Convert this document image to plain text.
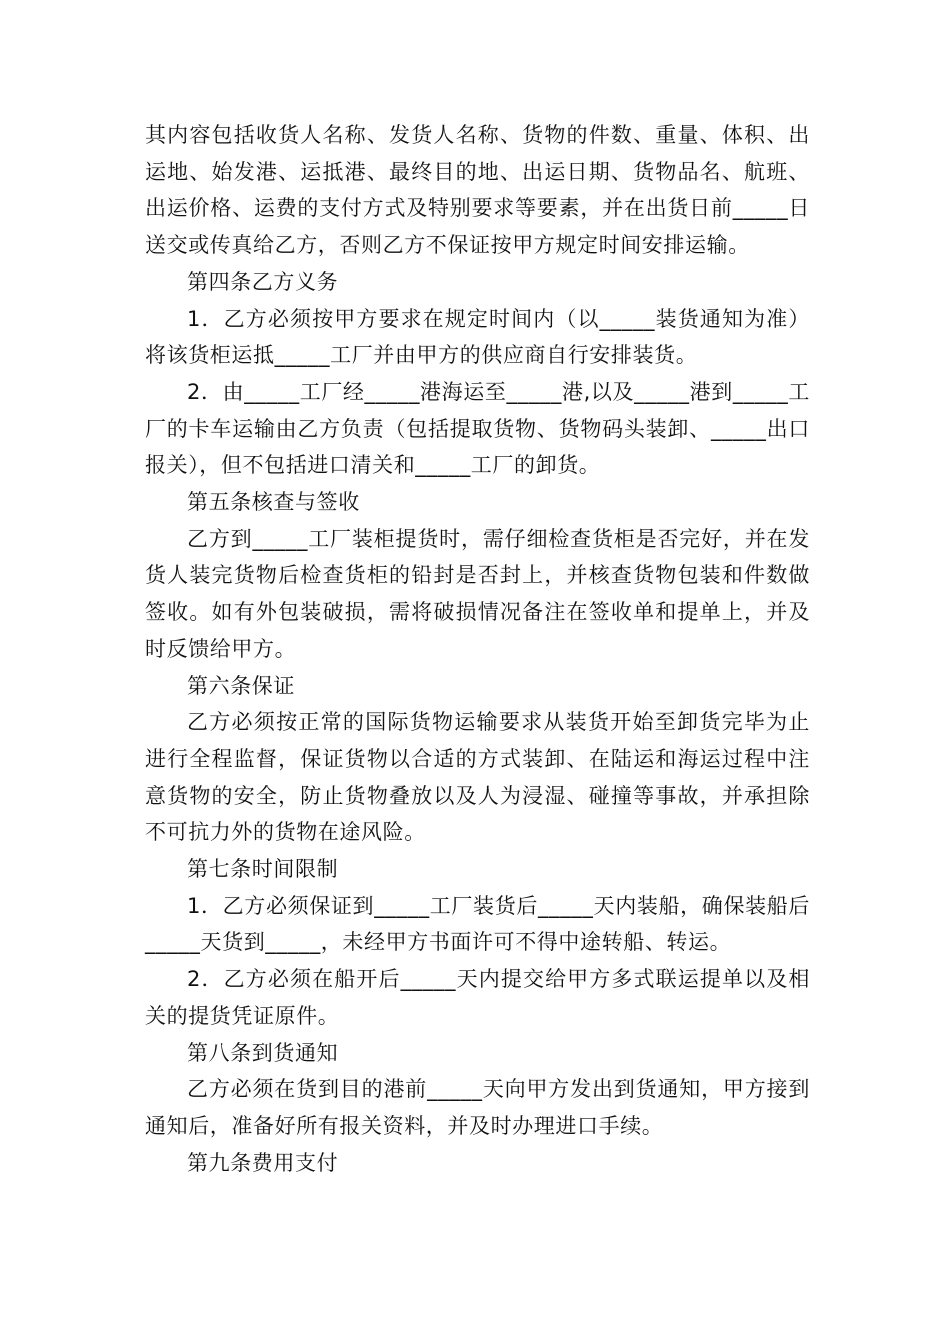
其内容包括收货人名称、发货人名称、货物的件数、重量、体积、出运地、始发港、运抵港、最终目的地、出运日期、货物品名、航班、出运价格、运费的支付方式及特别要求等要素，并在出货日前_____日送交或传真给乙方，否则乙方不保证按甲方规定时间安排运输。

第四条乙方义务

1．乙方必须按甲方要求在规定时间内（以_____装货通知为准）将该货柜运抵_____工厂并由甲方的供应商自行安排装货。

2．由_____工厂经_____港海运至_____港,以及_____港到_____工厂的卡车运输由乙方负责（包括提取货物、货物码头装卸、_____出口报关），但不包括进口清关和_____工厂的卸货。

第五条核查与签收

乙方到_____工厂装柜提货时，需仔细检查货柜是否完好，并在发货人装完货物后检查货柜的铅封是否封上，并核查货物包装和件数做签收。如有外包装破损，需将破损情况备注在签收单和提单上，并及时反馈给甲方。

第六条保证

乙方必须按正常的国际货物运输要求从装货开始至卸货完毕为止进行全程监督，保证货物以合适的方式装卸、在陆运和海运过程中注意货物的安全，防止货物叠放以及人为浸湿、碰撞等事故，并承担除不可抗力外的货物在途风险。

第七条时间限制

1．乙方必须保证到_____工厂装货后_____天内装船，确保装船后_____天货到_____，未经甲方书面许可不得中途转船、转运。

2．乙方必须在船开后_____天内提交给甲方多式联运提单以及相关的提货凭证原件。

第八条到货通知

乙方必须在货到目的港前_____天向甲方发出到货通知，甲方接到通知后，准备好所有报关资料，并及时办理进口手续。

第九条费用支付
